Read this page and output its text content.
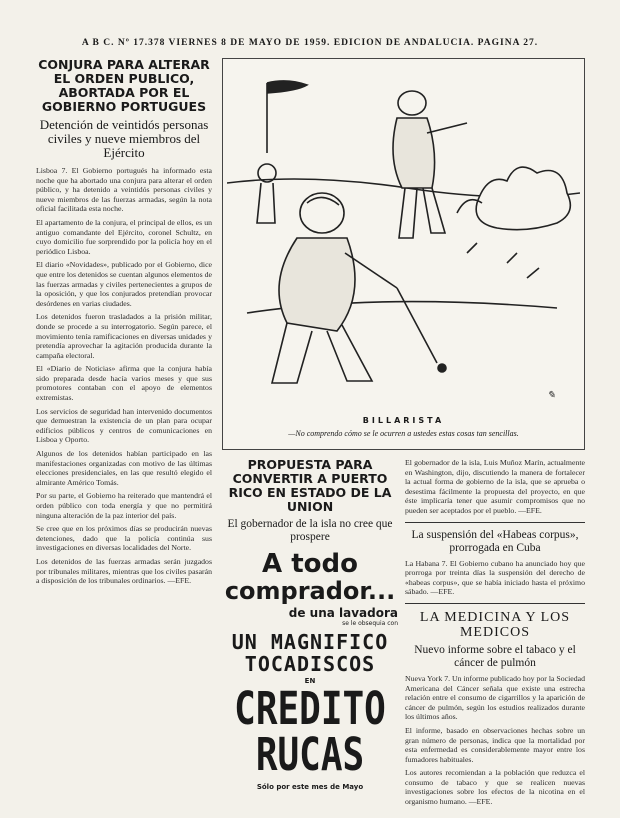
A B C. Nº 17.378 VIERNES 8 DE MAYO DE 1959. EDICION DE ANDALUCIA. PAGINA 27.
CONJURA PARA ALTERAR EL ORDEN PUBLICO, ABORTADA POR EL GOBIERNO PORTUGUES
Detención de veintidós personas civiles y nueve miembros del Ejército

Lisboa 7. El Gobierno portugués ha informado esta noche que ha abortado una conjura para alterar el orden público, y ha detenido a veintidós personas civiles y nueve miembros de las fuerzas armadas, según la nota oficial facilitada esta noche.

El apartamento de la conjura, el principal de ellos, es un antiguo comandante del Ejército, coronel Schultz, en cuyo domicilio fue sorprendido por la policía hoy en el periódico Lisboa.

El diario «Novidades», publicado por el Gobierno, dice que entre los detenidos se cuentan algunos elementos de las fuerzas armadas y civiles pertenecientes a grupos de la oposición, y que los conjurados pretendían provocar desórdenes en varias ciudades.

Los detenidos fueron trasladados a la prisión militar, donde se procede a su interrogatorio. Según parece, el movimiento tenía ramificaciones en diversas unidades y pretendía aprovechar la agitación producida durante la campaña electoral.

El «Diario de Noticias» afirma que la conjura había sido preparada desde hacía varios meses y que sus promotores contaban con el apoyo de elementos extremistas.

Los servicios de seguridad han intervenido documentos que demuestran la existencia de un plan para ocupar edificios públicos y centros de comunicaciones en Lisboa y Oporto.

Algunos de los detenidos habían participado en las manifestaciones organizadas con motivo de las últimas elecciones presidenciales, en las que resultó elegido el almirante Américo Tomás.

Por su parte, el Gobierno ha reiterado que mantendrá el orden público con toda energía y que no permitirá ninguna alteración de la paz interior del país.

Se cree que en los próximos días se producirán nuevas detenciones, dado que la policía continúa sus investigaciones en diversas localidades del Norte.

Los detenidos de las fuerzas armadas serán juzgados por tribunales militares, mientras que los civiles pasarán a disposición de los tribunales ordinarios. —EFE.

✎
BILLARISTA
—No comprendo cómo se le ocurren a ustedes estas cosas tan sencillas.
PROPUESTA PARA CONVERTIR A PUERTO RICO EN ESTADO DE LA UNION
El gobernador de la isla no cree que prospere

A todo
comprador...
de una lavadora
se le obsequia con
UN MAGNIFICO
TOCADISCOS
EN
CREDITO
RUCAS
Sólo por este mes de Mayo

El gobernador de la isla, Luis Muñoz Marín, actualmente en Washington, dijo, discutiendo la manera de fortalecer la actual forma de gobierno de la isla, que se aprueba o desestima fácilmente la propuesta del proyecto, en que éste implicaría tener que asumir compromisos que no pueden ser aceptados por el pueblo. —EFE.

La suspensión del «Habeas corpus», prorrogada en Cuba

La Habana 7. El Gobierno cubano ha anunciado hoy que prorroga por treinta días la suspensión del derecho de «habeas corpus», que se había iniciado hasta el próximo sábado. —EFE.

LA MEDICINA Y LOS MEDICOS
Nuevo informe sobre el tabaco y el cáncer de pulmón

Nueva York 7. Un informe publicado hoy por la Sociedad Americana del Cáncer señala que existe una estrecha relación entre el consumo de cigarrillos y la aparición de cáncer de pulmón, según los estudios realizados durante los últimos años.

El informe, basado en observaciones hechas sobre un gran número de personas, indica que la mortalidad por esta enfermedad es considerablemente mayor entre los fumadores habituales.

Los autores recomiendan a la población que reduzca el consumo de tabaco y que se realicen nuevas investigaciones sobre los efectos de la nicotina en el organismo humano. —EFE.
